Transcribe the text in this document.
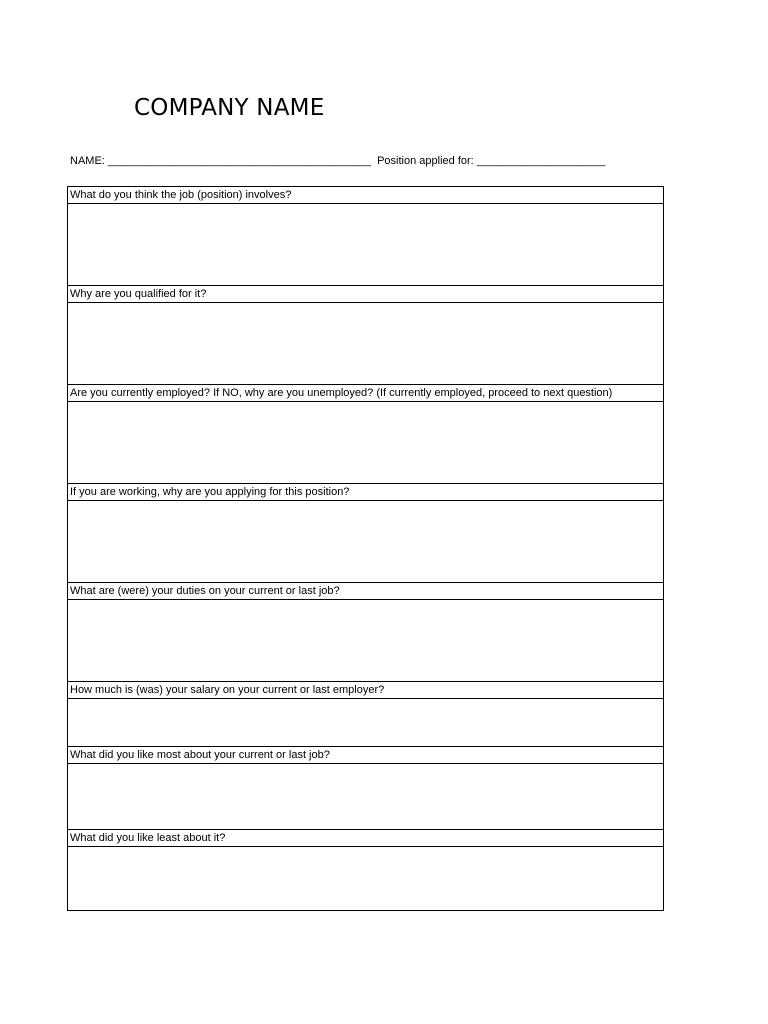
COMPANY NAME
NAME: ___________________________________________ Position applied for: _____________________
What do you think the job (position) involves?

Why are you qualified for it?

Are you currently employed? If NO, why are you unemployed? (If currently employed, proceed to next question)

If you are working, why are you applying for this position?

What are (were) your duties on your current or last job?

How much is (was) your salary on your current or last employer?

What did you like most about your current or last job?

What did you like least about it?
